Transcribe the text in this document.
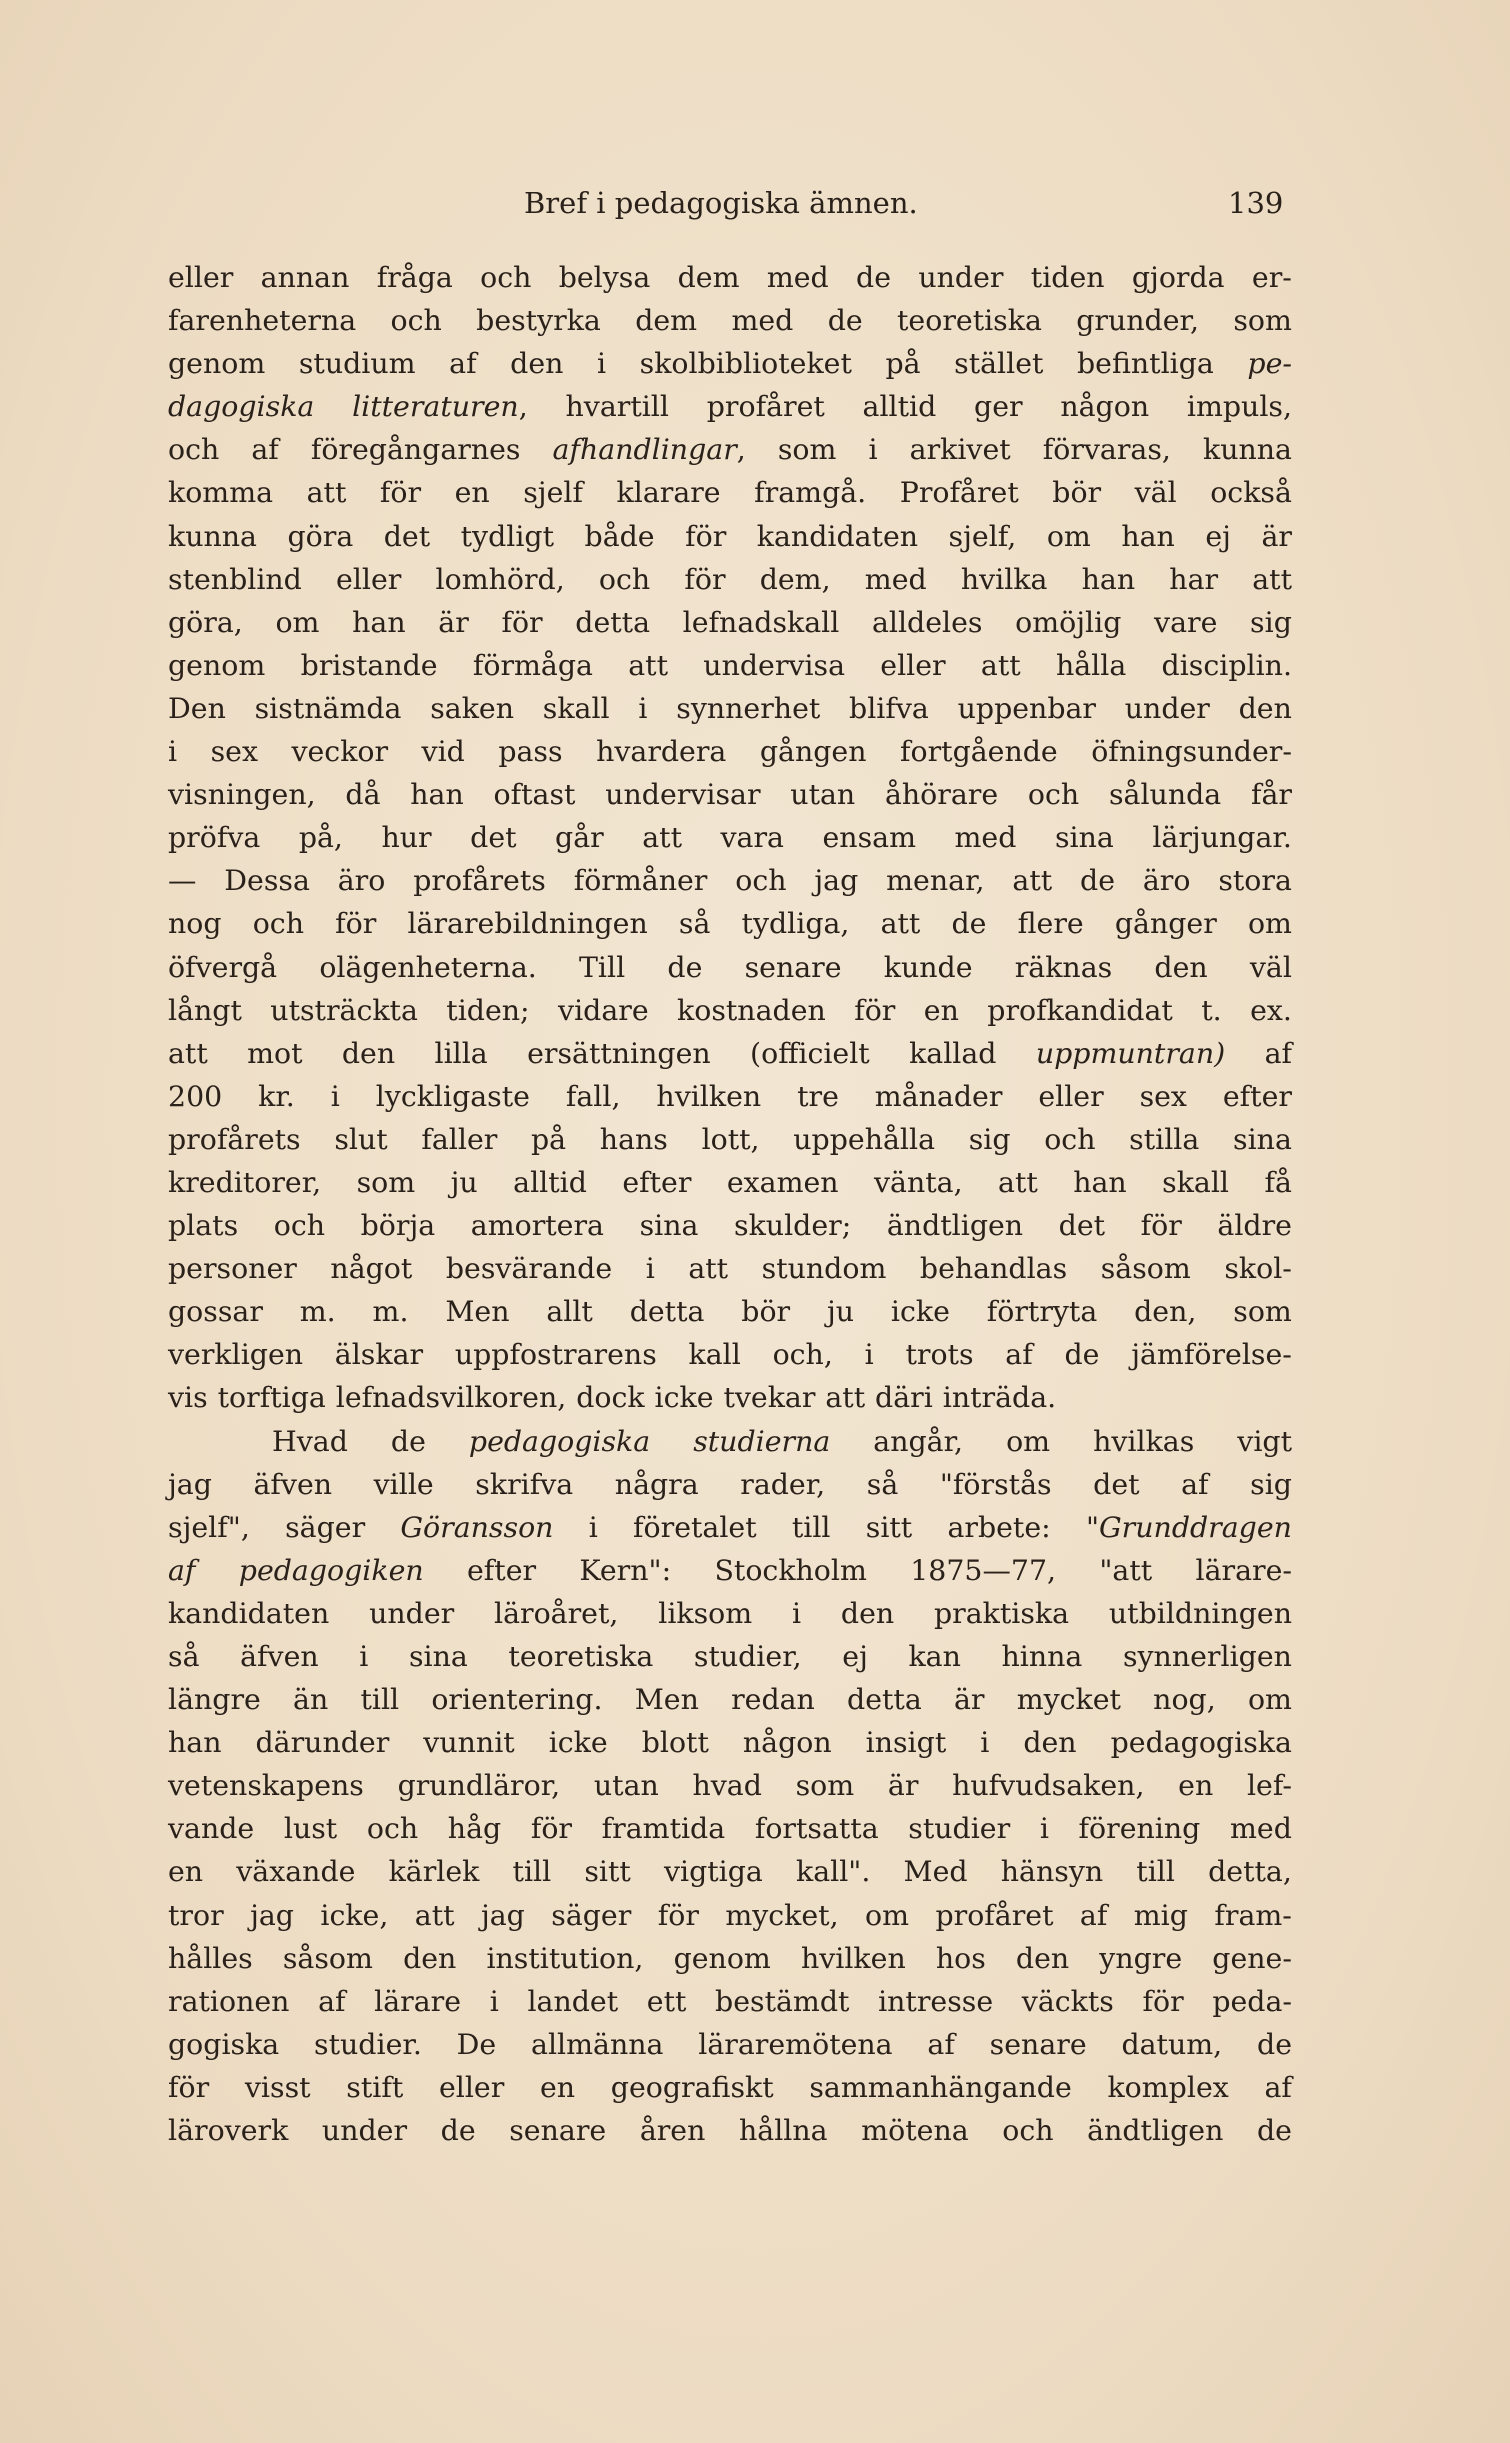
Bref i pedagogiska ämnen.	139
eller annan fråga och belysa dem med de under tiden gjorda er-
farenheterna och bestyrka dem med de teoretiska grunder, som
genom studium af den i skolbiblioteket på stället befintliga pe-
dagogiska litteraturen, hvartill profåret alltid ger någon impuls,
och af föregångarnes afhandlingar, som i arkivet förvaras, kunna
komma att för en sjelf klarare framgå. Profåret bör väl också
kunna göra det tydligt både för kandidaten sjelf, om han ej är
stenblind eller lomhörd, och för dem, med hvilka han har att
göra, om han är för detta lefnadskall alldeles omöjlig vare sig
genom bristande förmåga att undervisa eller att hålla disciplin.
Den sistnämda saken skall i synnerhet blifva uppenbar under den
i sex veckor vid pass hvardera gången fortgående öfningsunder-
visningen, då han oftast undervisar utan åhörare och sålunda får
pröfva på, hur det går att vara ensam med sina lärjungar.
— Dessa äro profårets förmåner och jag menar, att de äro stora
nog och för lärarebildningen så tydliga, att de flere gånger om
öfvergå olägenheterna. Till de senare kunde räknas den väl
långt utsträckta tiden; vidare kostnaden för en profkandidat t. ex.
att mot den lilla ersättningen (officielt kallad uppmuntran) af
200 kr. i lyckligaste fall, hvilken tre månader eller sex efter
profårets slut faller på hans lott, uppehålla sig och stilla sina
kreditorer, som ju alltid efter examen vänta, att han skall få
plats och börja amortera sina skulder; ändtligen det för äldre
personer något besvärande i att stundom behandlas såsom skol-
gossar m. m. Men allt detta bör ju icke förtryta den, som
verkligen älskar uppfostrarens kall och, i trots af de jämförelse-
vis torftiga lefnadsvilkoren, dock icke tvekar att däri inträda.
Hvad de pedagogiska studierna angår, om hvilkas vigt
jag äfven ville skrifva några rader, så "förstås det af sig
sjelf", säger Göransson i företalet till sitt arbete: "Grunddragen
af pedagogiken efter Kern": Stockholm 1875—77, "att lärare-
kandidaten under läroåret, liksom i den praktiska utbildningen
så äfven i sina teoretiska studier, ej kan hinna synnerligen
längre än till orientering. Men redan detta är mycket nog, om
han därunder vunnit icke blott någon insigt i den pedagogiska
vetenskapens grundläror, utan hvad som är hufvudsaken, en lef-
vande lust och håg för framtida fortsatta studier i förening med
en växande kärlek till sitt vigtiga kall". Med hänsyn till detta,
tror jag icke, att jag säger för mycket, om profåret af mig fram-
hålles såsom den institution, genom hvilken hos den yngre gene-
rationen af lärare i landet ett bestämdt intresse väckts för peda-
gogiska studier. De allmänna läraremötena af senare datum, de
för visst stift eller en geografiskt sammanhängande komplex af
läroverk under de senare åren hållna mötena och ändtligen de
